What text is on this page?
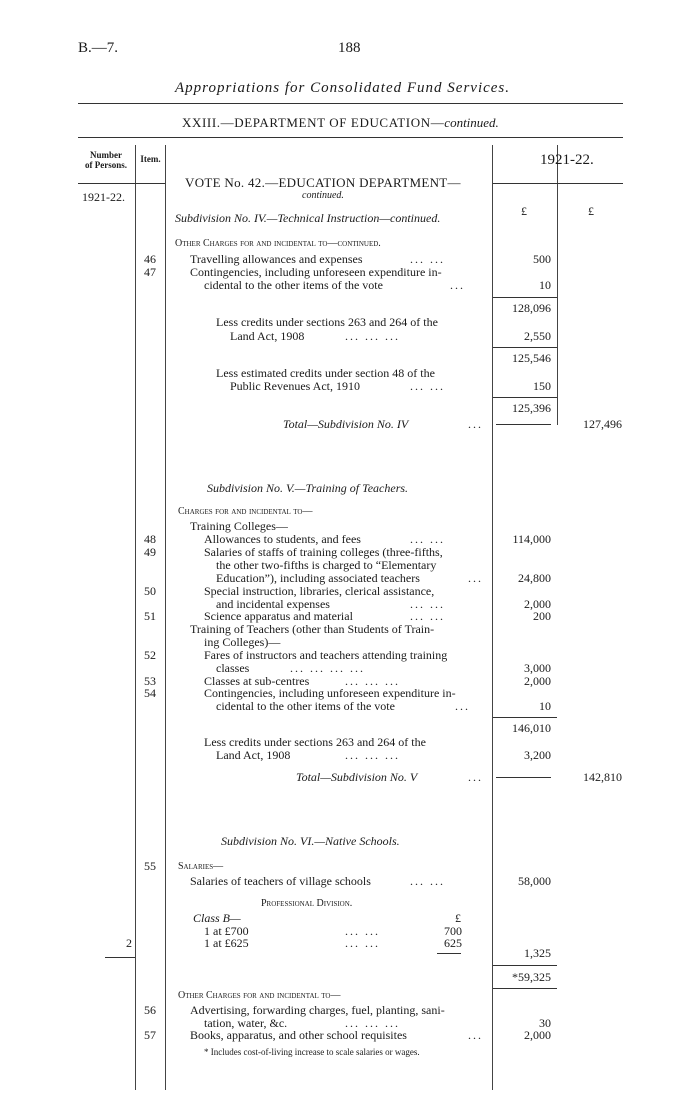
B.—7.	188
Appropriations for Consolidated Fund Services.
XXIII.—DEPARTMENT OF EDUCATION—continued.
Number
of Persons.
Item.	1921-22.
1921-22.
£	£
VOTE No. 42.—EDUCATION DEPARTMENT—
continued.
Subdivision No. IV.—Technical Instruction—continued.
Other Charges for and incidental to—continued.
46	Travelling allowances and expenses	... ...	500
47	Contingencies, including unforeseen expenditure in-
cidental to the other items of the vote	...	10
128,096
Less credits under sections 263 and 264 of the
Land Act, 1908	... ... ...	2,550
125,546
Less estimated credits under section 48 of the
Public Revenues Act, 1910	... ...	150
125,396
Total—Subdivision No. IV	...	127,496
Subdivision No. V.—Training of Teachers.
Charges for and incidental to—
Training Colleges—
48	Allowances to students, and fees	... ...	114,000
49	Salaries of staffs of training colleges (three-fifths,
the other two-fifths is charged to “Elementary
Education”), including associated teachers	...	24,800
50	Special instruction, libraries, clerical assistance,
and incidental expenses	... ...	2,000
51	Science apparatus and material	... ...	200
Training of Teachers (other than Students of Train-
ing Colleges)—
52	Fares of instructors and teachers attending training
classes	... ... ... ...	3,000
53	Classes at sub-centres	... ... ...	2,000
54	Contingencies, including unforeseen expenditure in-
cidental to the other items of the vote	...	10
146,010
Less credits under sections 263 and 264 of the
Land Act, 1908	... ... ...	3,200
Total—Subdivision No. V	...	142,810
Subdivision No. VI.—Native Schools.
55	Salaries—
Salaries of teachers of village schools	... ...	58,000
Professional Division.
Class B—	£
1 at £700	... ...	700
1 at £625	... ...	625
2
1,325
*59,325
Other Charges for and incidental to—
56	Advertising, forwarding charges, fuel, planting, sani-
tation, water, &c.	... ... ...	30
57	Books, apparatus, and other school requisites	...	2,000
* Includes cost-of-living increase to scale salaries or wages.
